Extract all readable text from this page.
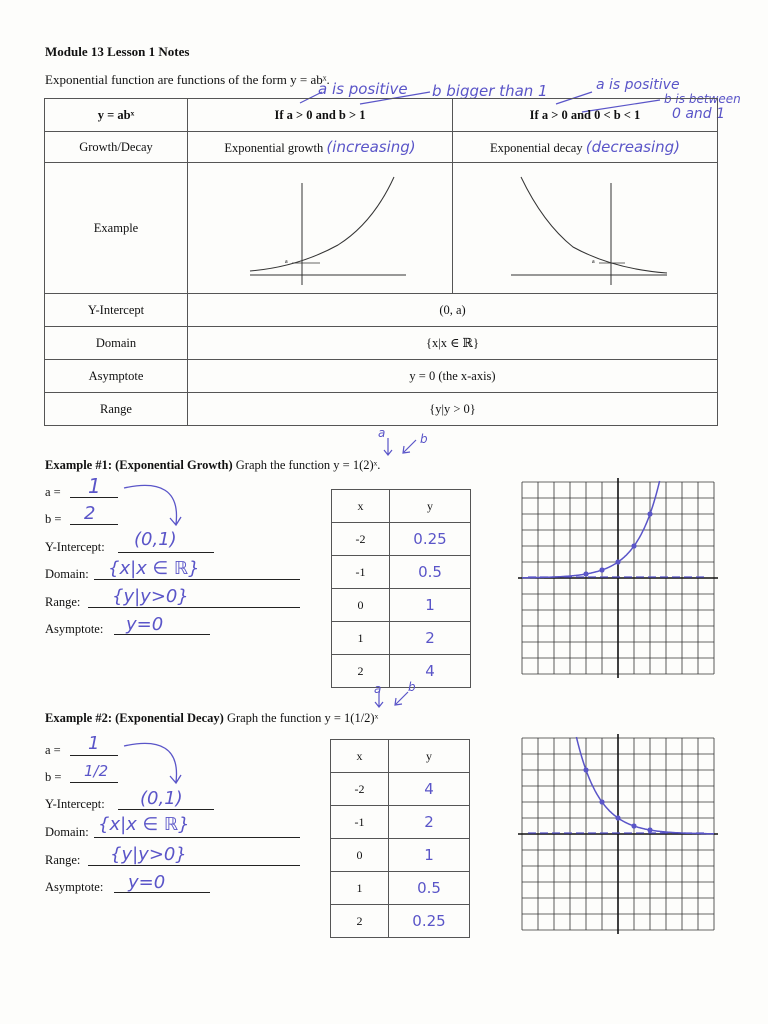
Module 13 Lesson 1 Notes
Exponential function are functions of the form y = abˣ.
a is positive b bigger than 1	a is positive
b is between
0 and 1
y = abˣ	If a > 0 and b > 1	If a > 0 and 0 < b < 1
Growth/Decay	Exponential growth (increasing)	Exponential decay (decreasing)
Example	a	a

Y-Intercept	(0, a)	
Domain	{x|x ∈ ℝ}	
Asymptote	y = 0 (the x-axis)	
Range	{y|y > 0}	
a	b
Example #1: (Exponential Growth) Graph the function y = 1(2)ˣ.
a = 1
b = 2
Y-Intercept: (0,1)
Domain: {x|x ∈ ℝ}
Range: {y|y>0}
Asymptote: y=0
x	y
-2	0.25
-1	0.5
0	1
1	2
2	4
a b
Example #2: (Exponential Decay) Graph the function y = 1(1/2)ˣ
a = 1
b = 1/2
Y-Intercept: (0,1)
Domain: {x|x ∈ ℝ}
Range: {y|y>0}
Asymptote: y=0
x	y
-2	4
-1	2
0	1
1	0.5
2	0.25
